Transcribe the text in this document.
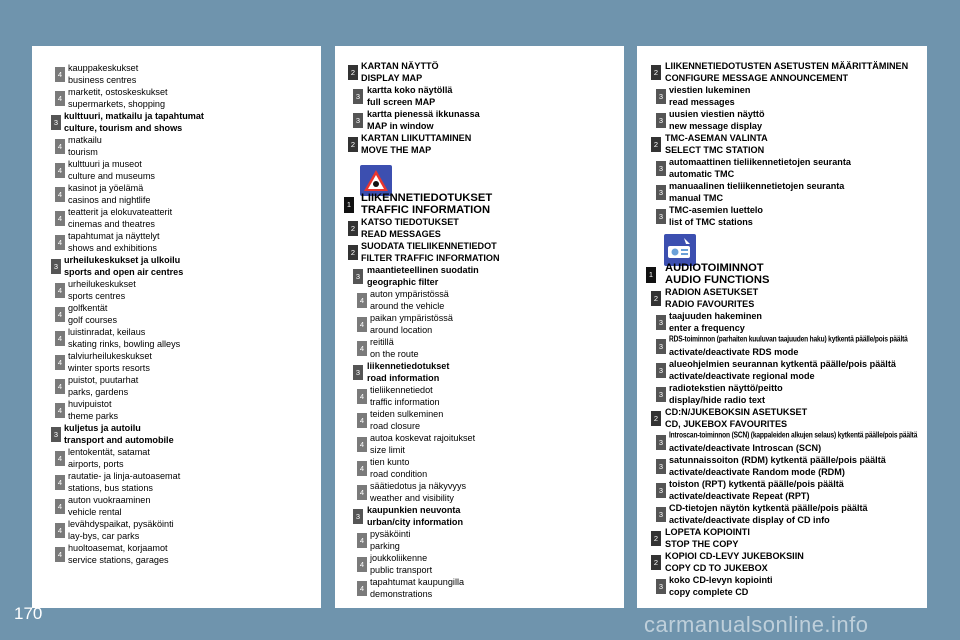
4
kauppakeskukset
business centres
4
marketit, ostoskeskukset
supermarkets, shopping
3
kulttuuri, matkailu ja tapahtumat
culture, tourism and shows
4
matkailu
tourism
4
kulttuuri ja museot
culture and museums
4
kasinot ja yöelämä
casinos and nightlife
4
teatterit ja elokuvateatterit
cinemas and theatres
4
tapahtumat ja näyttelyt
shows and exhibitions
3
urheilukeskukset ja ulkoilu
sports and open air centres
4
urheilukeskukset
sports centres
4
golfkentät
golf courses
4
luistinradat, keilaus
skating rinks, bowling alleys
4
talviurheilukeskukset
winter sports resorts
4
puistot, puutarhat
parks, gardens
4
huvipuistot
theme parks
3
kuljetus ja autoilu
transport and automobile
4
lentokentät, satamat
airports, ports
4
rautatie- ja linja-autoasemat
stations, bus stations
4
auton vuokraaminen
vehicle rental
4
levähdyspaikat, pysäköinti
lay-bys, car parks
4
huoltoasemat, korjaamot
service stations, garages
2
KARTAN NÄYTTÖ
DISPLAY MAP
3
kartta koko näytöllä
full screen MAP
3
kartta pienessä ikkunassa
MAP in window
2
KARTAN LIIKUTTAMINEN
MOVE THE MAP
1
LIIKENNETIEDOTUKSET
TRAFFIC INFORMATION
2
KATSO TIEDOTUKSET
READ MESSAGES
2
SUODATA TIELIIKENNETIEDOT
FILTER TRAFFIC INFORMATION
3
maantieteellinen suodatin
geographic filter
4
auton ympäristössä
around the vehicle
4
paikan ympäristössä
around location
4
reitillä
on the route
3
liikennetiedotukset
road information
4
tieliikennetiedot
traffic information
4
teiden sulkeminen
road closure
4
autoa koskevat rajoitukset
size limit
4
tien kunto
road condition
4
säätiedotus ja näkyvyys
weather and visibility
3
kaupunkien neuvonta
urban/city information
4
pysäköinti
parking
4
joukkoliikenne
public transport
4
tapahtumat kaupungilla
demonstrations
2
LIIKENNETIEDOTUSTEN ASETUSTEN MÄÄRITTÄMINEN
CONFIGURE MESSAGE ANNOUNCEMENT
3
viestien lukeminen
read messages
3
uusien viestien näyttö
new message display
2
TMC-ASEMAN VALINTA
SELECT TMC STATION
3
automaattinen tieliikennetietojen seuranta
automatic TMC
3
manuaalinen tieliikennetietojen seuranta
manual TMC
3
TMC-asemien luettelo
list of TMC stations
1
AUDIOTOIMINNOT
AUDIO FUNCTIONS
2
RADION ASETUKSET
RADIO FAVOURITES
3
taajuuden hakeminen
enter a frequency
3
RDS-toiminnon (parhaiten kuuluvan taajuuden haku) kytkentä päälle/pois päältä
activate/deactivate RDS mode
3
alueohjelmien seurannan kytkentä päälle/pois päältä
activate/deactivate regional mode
3
radiotekstien näyttö/peitto
display/hide radio text
2
CD:N/JUKEBOKSIN ASETUKSET
CD, JUKEBOX FAVOURITES
3
Introscan-toiminnon (SCN) (kappaleiden alkujen selaus) kytkentä päälle/pois päältä
activate/deactivate Introscan (SCN)
3
satunnaissoiton (RDM) kytkentä päälle/pois päältä
activate/deactivate Random mode (RDM)
3
toiston (RPT) kytkentä päälle/pois päältä
activate/deactivate Repeat (RPT)
3
CD-tietojen näytön kytkentä päälle/pois päältä
activate/deactivate display of CD info
2
LOPETA KOPIOINTI
STOP THE COPY
2
KOPIOI CD-LEVY JUKEBOKSIIN
COPY CD TO JUKEBOX
3
koko CD-levyn kopiointi
copy complete CD
170	carmanualsonline.info
